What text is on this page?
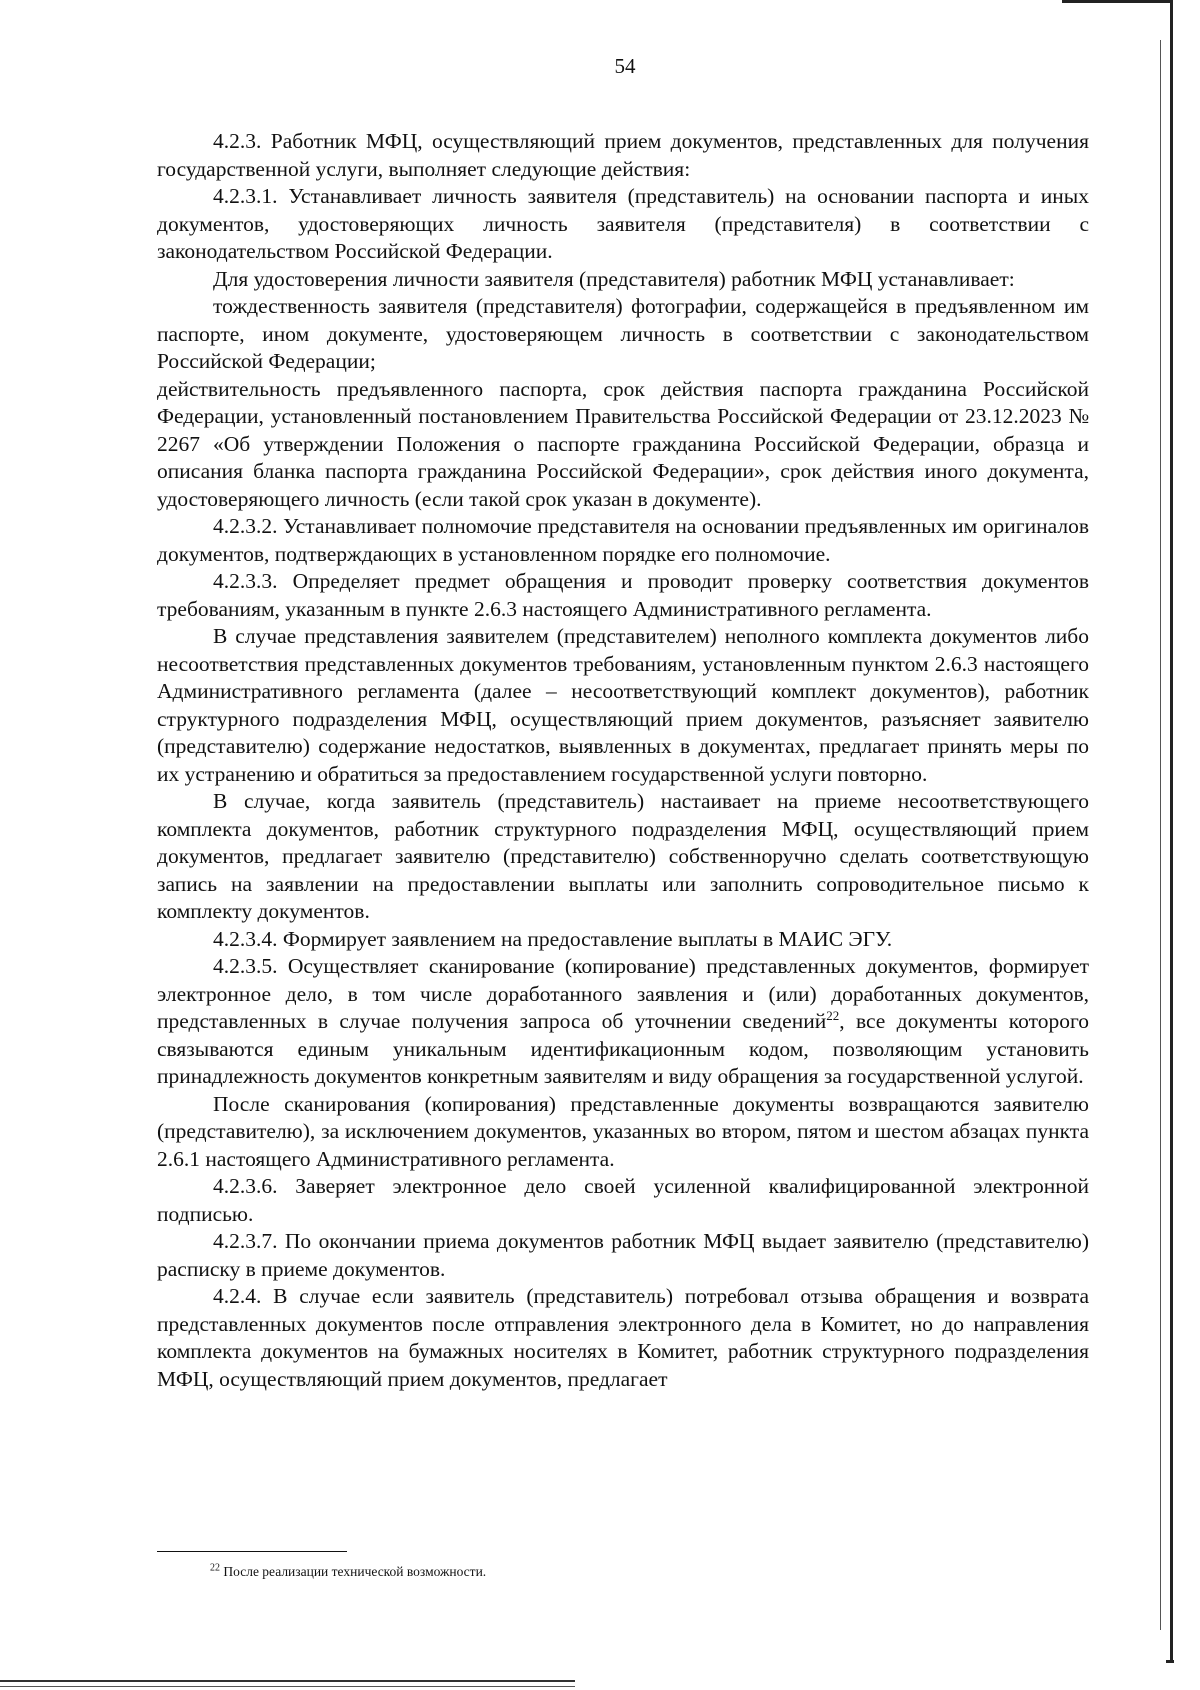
54

4.2.3. Работник МФЦ, осуществляющий прием документов, представленных для получения государственной услуги, выполняет следующие действия:

4.2.3.1. Устанавливает личность заявителя (представитель) на основании паспорта и иных документов, удостоверяющих личность заявителя (представителя) в соответствии с законодательством Российской Федерации.

Для удостоверения личности заявителя (представителя) работник МФЦ устанавливает:

тождественность заявителя (представителя) фотографии, содержащейся в предъявленном им паспорте, ином документе, удостоверяющем личность в соответствии с законодательством Российской Федерации;

действительность предъявленного паспорта, срок действия паспорта гражданина Российской Федерации, установленный постановлением Правительства Российской Федерации от 23.12.2023 № 2267 «Об утверждении Положения о паспорте гражданина Российской Федерации, образца и описания бланка паспорта гражданина Российской Федерации», срок действия иного документа, удостоверяющего личность (если такой срок указан в документе).

4.2.3.2. Устанавливает полномочие представителя на основании предъявленных им оригиналов документов, подтверждающих в установленном порядке его полномочие.

4.2.3.3. Определяет предмет обращения и проводит проверку соответствия документов требованиям, указанным в пункте 2.6.3 настоящего Административного регламента.

В случае представления заявителем (представителем) неполного комплекта документов либо несоответствия представленных документов требованиям, установленным пунктом 2.6.3 настоящего Административного регламента (далее – несоответствующий комплект документов), работник структурного подразделения МФЦ, осуществляющий прием документов, разъясняет заявителю (представителю) содержание недостатков, выявленных в документах, предлагает принять меры по их устранению и обратиться за предоставлением государственной услуги повторно.

В случае, когда заявитель (представитель) настаивает на приеме несоответствующего комплекта документов, работник структурного подразделения МФЦ, осуществляющий прием документов, предлагает заявителю (представителю) собственноручно сделать соответствующую запись на заявлении на предоставлении выплаты или заполнить сопроводительное письмо к комплекту документов.

4.2.3.4. Формирует заявлением на предоставление выплаты в МАИС ЭГУ.

4.2.3.5. Осуществляет сканирование (копирование) представленных документов, формирует электронное дело, в том числе доработанного заявления и (или) доработанных документов, представленных в случае получения запроса об уточнении сведений$^{22}$, все документы которого связываются единым уникальным идентификационным кодом, позволяющим установить принадлежность документов конкретным заявителям и виду обращения за государственной услугой.

После сканирования (копирования) представленные документы возвращаются заявителю (представителю), за исключением документов, указанных во втором, пятом и шестом абзацах пункта 2.6.1 настоящего Административного регламента.

4.2.3.6. Заверяет электронное дело своей усиленной квалифицированной электронной подписью.

4.2.3.7. По окончании приема документов работник МФЦ выдает заявителю (представителю) расписку в приеме документов.

4.2.4. В случае если заявитель (представитель) потребовал отзыва обращения и возврата представленных документов после отправления электронного дела в Комитет, но до направления комплекта документов на бумажных носителях в Комитет, работник структурного подразделения МФЦ, осуществляющий прием документов, предлагает

$^{22}$ После реализации технической возможности.
